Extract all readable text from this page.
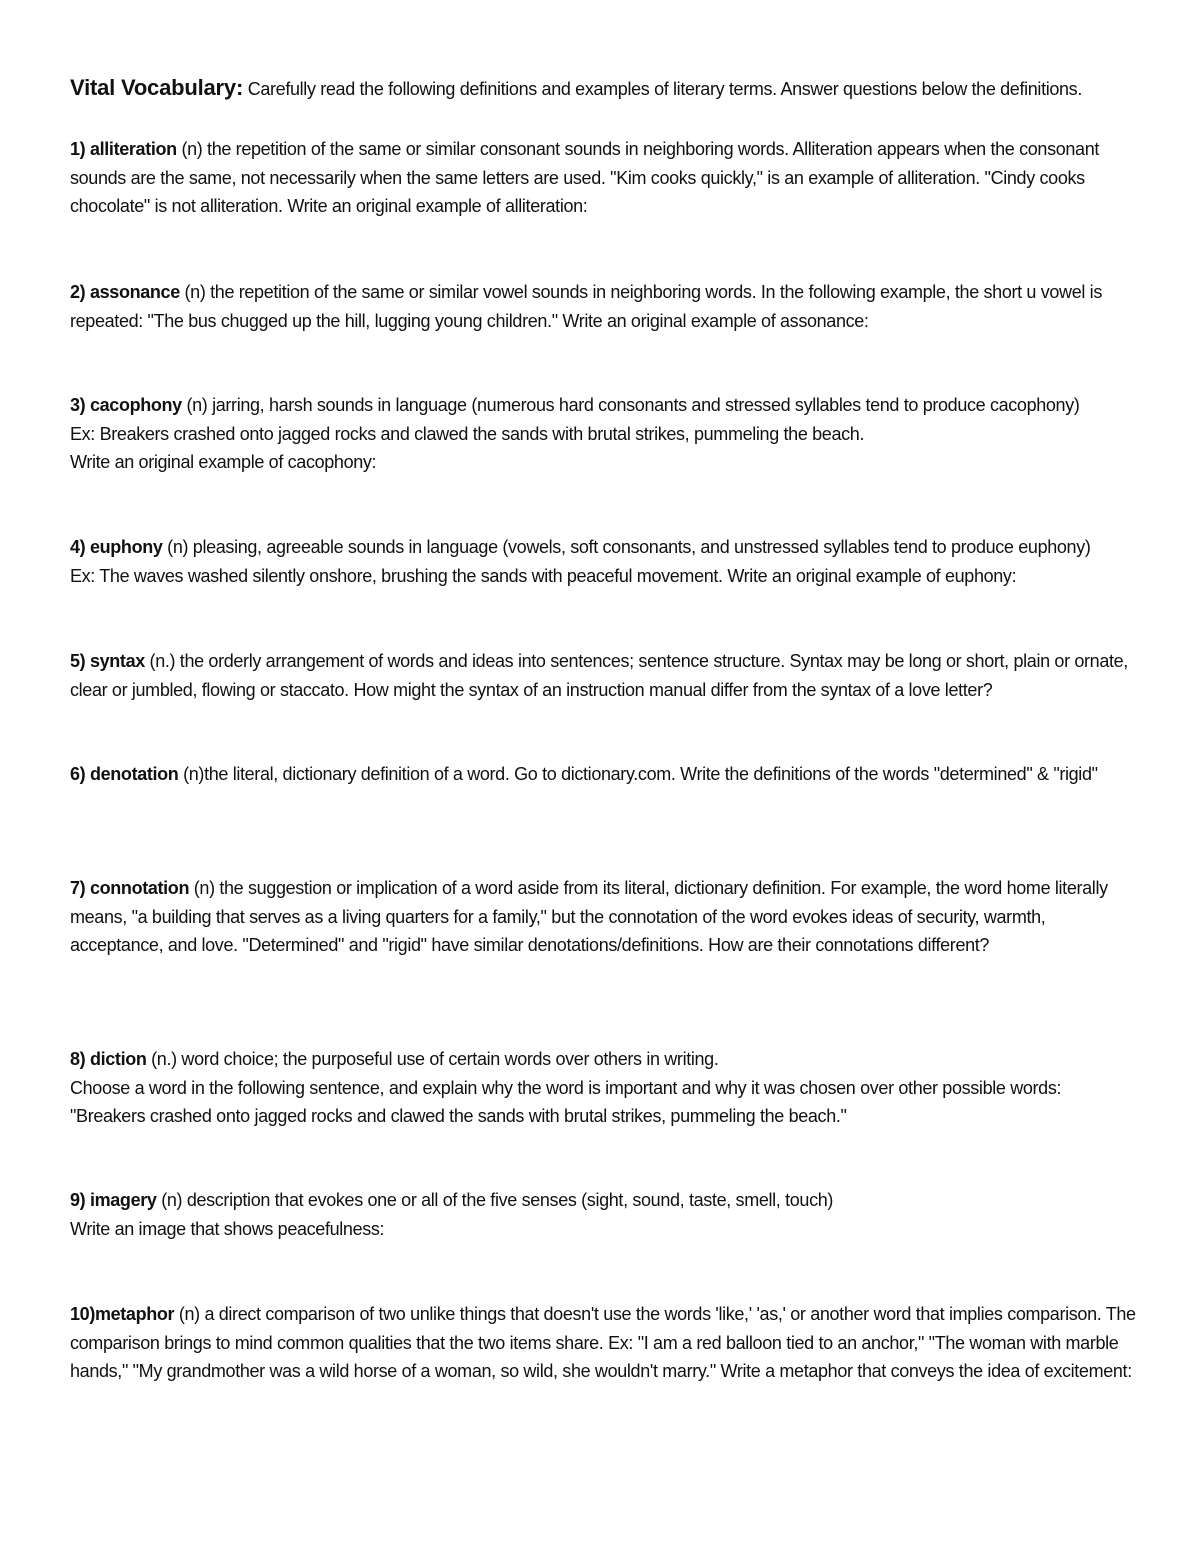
Vital Vocabulary: Carefully read the following definitions and examples of literary terms. Answer questions below the definitions.

1) alliteration (n) the repetition of the same or similar consonant sounds in neighboring words. Alliteration appears when the consonant sounds are the same, not necessarily when the same letters are used. "Kim cooks quickly," is an example of alliteration. "Cindy cooks chocolate" is not alliteration. Write an original example of alliteration:

2) assonance (n) the repetition of the same or similar vowel sounds in neighboring words. In the following example, the short u vowel is repeated: "The bus chugged up the hill, lugging young children." Write an original example of assonance:

3) cacophony (n) jarring, harsh sounds in language (numerous hard consonants and stressed syllables tend to produce cacophony)

Ex: Breakers crashed onto jagged rocks and clawed the sands with brutal strikes, pummeling the beach.

Write an original example of cacophony:

4) euphony (n) pleasing, agreeable sounds in language (vowels, soft consonants, and unstressed syllables tend to produce euphony)

Ex: The waves washed silently onshore, brushing the sands with peaceful movement. Write an original example of euphony:

5) syntax (n.) the orderly arrangement of words and ideas into sentences; sentence structure. Syntax may be long or short, plain or ornate, clear or jumbled, flowing or staccato. How might the syntax of an instruction manual differ from the syntax of a love letter?

6) denotation (n)the literal, dictionary definition of a word. Go to dictionary.com. Write the definitions of the words "determined" & "rigid"

7) connotation (n) the suggestion or implication of a word aside from its literal, dictionary definition. For example, the word home literally means, "a building that serves as a living quarters for a family," but the connotation of the word evokes ideas of security, warmth, acceptance, and love. "Determined" and "rigid" have similar denotations/definitions. How are their connotations different?

8) diction (n.) word choice; the purposeful use of certain words over others in writing.

Choose a word in the following sentence, and explain why the word is important and why it was chosen over other possible words:

"Breakers crashed onto jagged rocks and clawed the sands with brutal strikes, pummeling the beach."

9) imagery (n) description that evokes one or all of the five senses (sight, sound, taste, smell, touch)

Write an image that shows peacefulness:

10)metaphor (n) a direct comparison of two unlike things that doesn't use the words 'like,' 'as,' or another word that implies comparison. The comparison brings to mind common qualities that the two items share. Ex: "I am a red balloon tied to an anchor," "The woman with marble hands," "My grandmother was a wild horse of a woman, so wild, she wouldn't marry." Write a metaphor that conveys the idea of excitement:
